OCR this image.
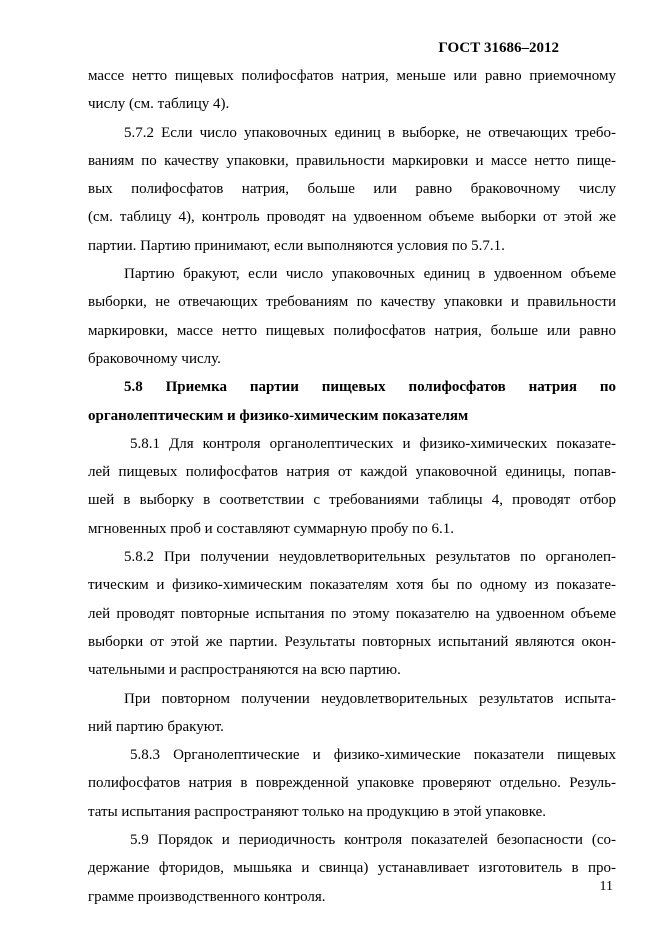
ГОСТ 31686–2012
массе нетто пищевых полифосфатов натрия, меньше или равно приемочному
числу (см. таблицу 4).
5.7.2 Если число упаковочных единиц в выборке, не отвечающих требо-
ваниям по качеству упаковки, правильности маркировки и массе нетто пище-
вых полифосфатов натрия, больше или равно браковочному числу
(см. таблицу 4), контроль проводят на удвоенном объеме выборки от этой же
партии. Партию принимают, если выполняются условия по 5.7.1.
Партию бракуют, если число упаковочных единиц в удвоенном объеме
выборки, не отвечающих требованиям по качеству упаковки и правильности
маркировки, массе нетто пищевых полифосфатов натрия, больше или равно
браковочному числу.
5.8 Приемка партии пищевых полифосфатов натрия по
органолептическим и физико-химическим показателям
5.8.1 Для контроля органолептических и физико-химических показате-
лей пищевых полифосфатов натрия от каждой упаковочной единицы, попав-
шей в выборку в соответствии с требованиями таблицы 4, проводят отбор
мгновенных проб и составляют суммарную пробу по 6.1.
5.8.2 При получении неудовлетворительных результатов по органолеп-
тическим и физико-химическим показателям хотя бы по одному из показате-
лей проводят повторные испытания по этому показателю на удвоенном объеме
выборки от этой же партии. Результаты повторных испытаний являются окон-
чательными и распространяются на всю партию.
При повторном получении неудовлетворительных результатов испыта-
ний партию бракуют.
5.8.3 Органолептические и физико-химические показатели пищевых
полифосфатов натрия в поврежденной упаковке проверяют отдельно. Резуль-
таты испытания распространяют только на продукцию в этой упаковке.
5.9 Порядок и периодичность контроля показателей безопасности (со-
держание фторидов, мышьяка и свинца) устанавливает изготовитель в про-
грамме производственного контроля.
11
